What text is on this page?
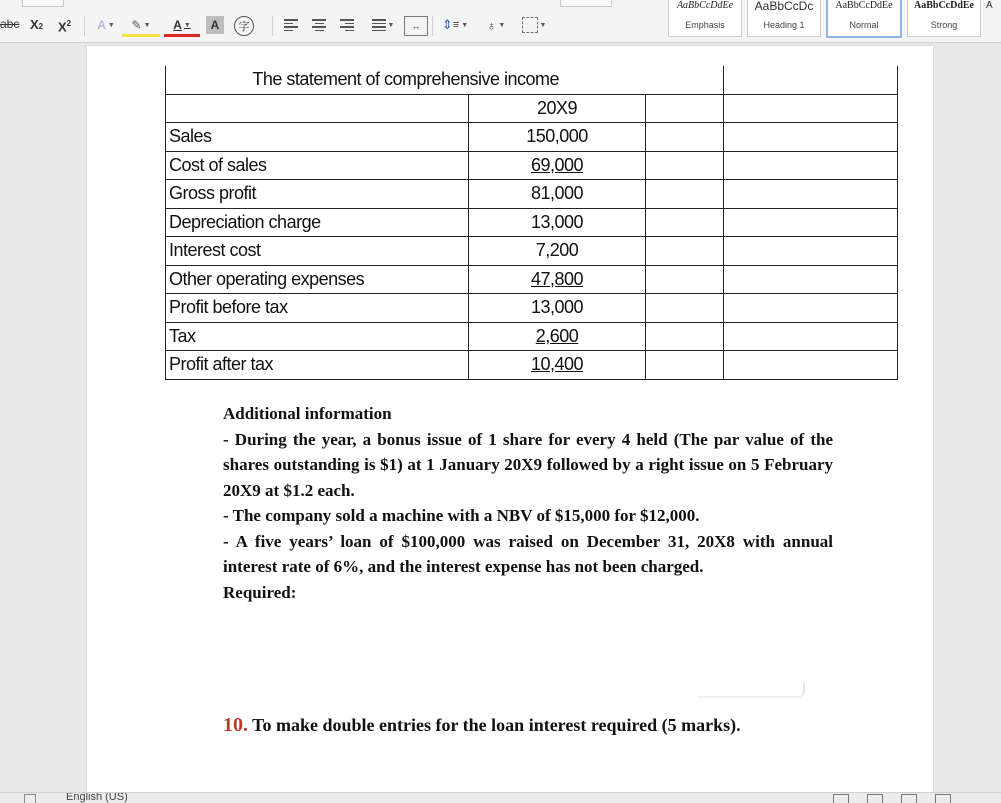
abc X2 $X^2$ A ▼ ✎ ▼ A ▼ A 字	▼ ↔ ⇕ ≡ ▼ ♁ ▼	▼
AaBbCcDdEe
Emphasis
AaBbCcDc
Heading 1
AaBbCcDdEe
Normal
AaBbCcDdEe
Strong
A
The statement of comprehensive income			
	20X9		
Sales	150,000		
Cost of sales	69,000		
Gross profit	81,000		
Depreciation charge	13,000		
Interest cost	7,200		
Other operating expenses	47,800		
Profit before tax	13,000		
Tax	2,600		
Profit after tax	10,400		

Additional information

- During the year, a bonus issue of 1 share for every 4 held (The par value of the shares outstanding is $1) at 1 January 20X9 followed by a right issue on 5 February 20X9 at $1.2 each.

- The company sold a machine with a NBV of $15,000 for $12,000.

- A five years’ loan of $100,000 was raised on December 31, 20X8 with annual interest rate of 6%, and the interest expense has not been charged.

Required:

10. To make double entries for the loan interest required (5 marks).
English (US)
